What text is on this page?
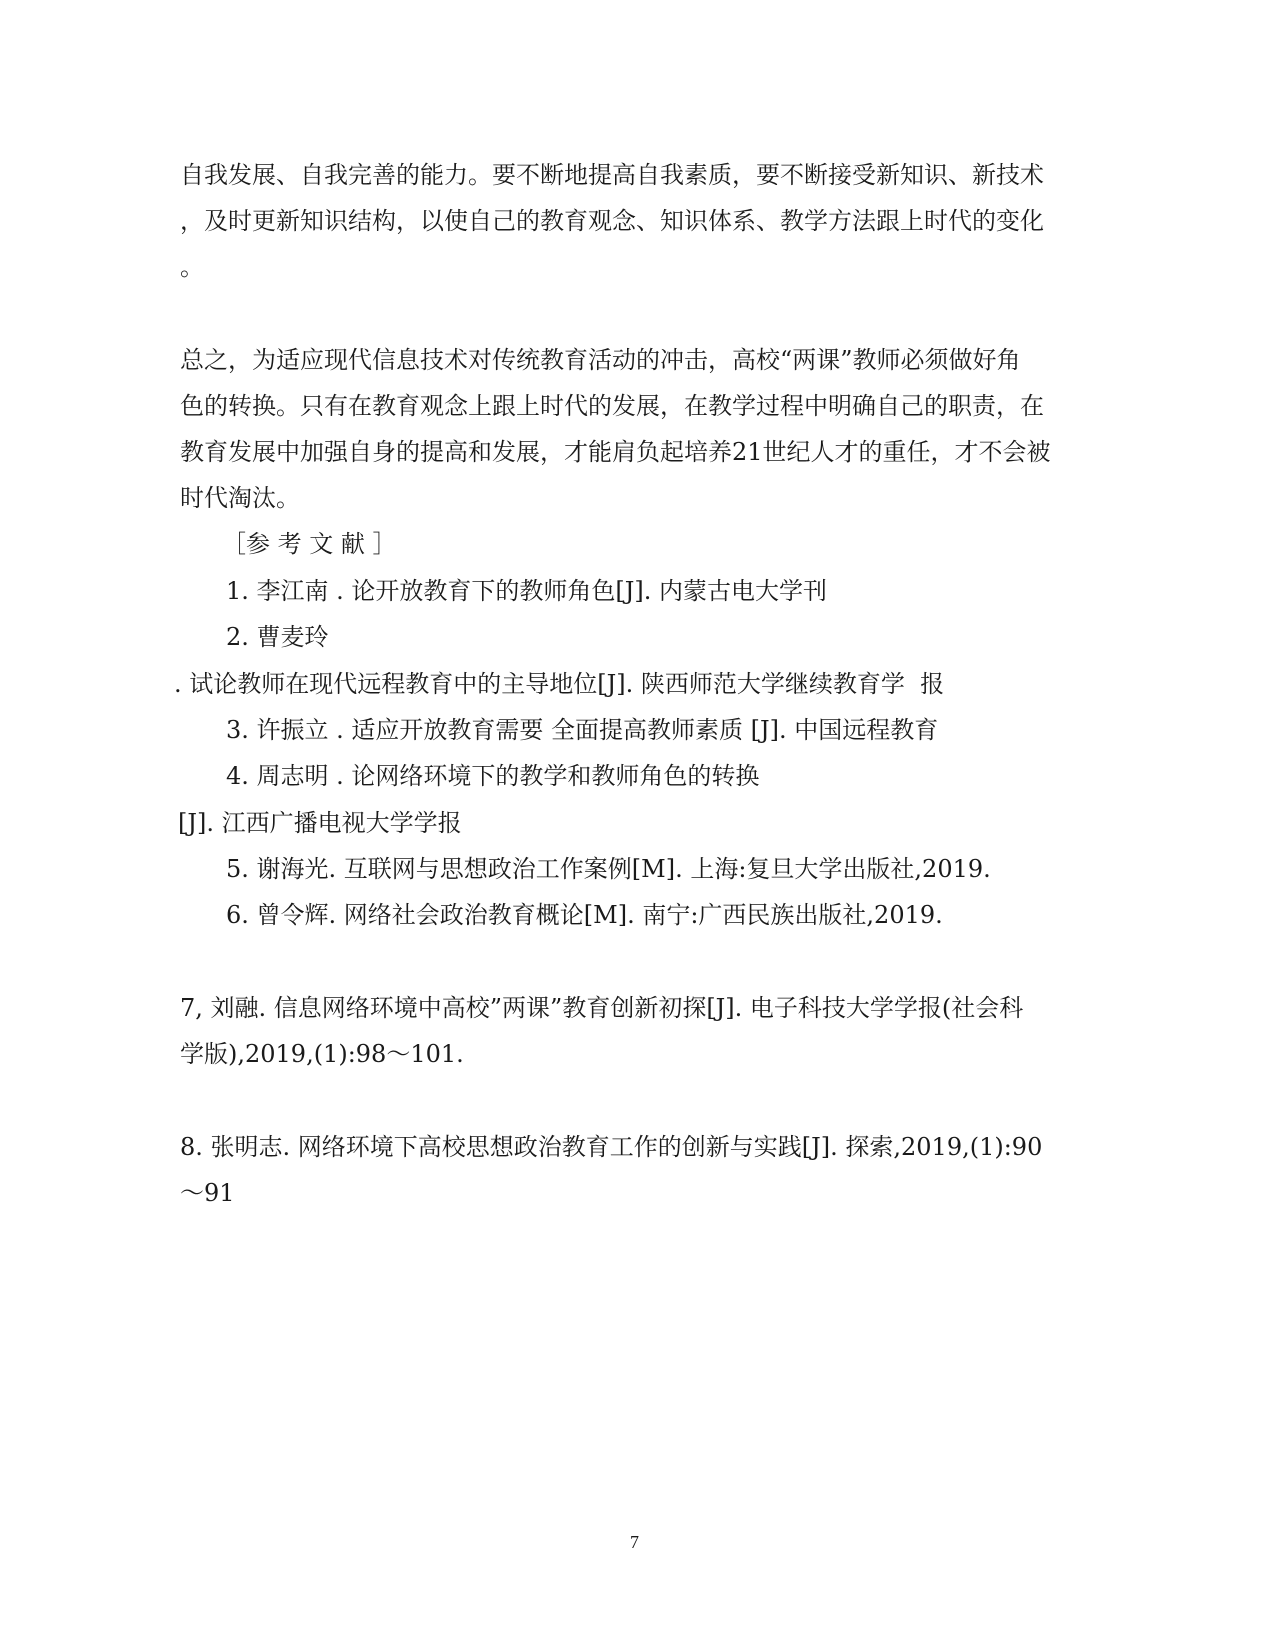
自我发展、自我完善的能力。要不断地提高自我素质，要不断接受新知识、新技术

，及时更新知识结构，以使自己的教育观念、知识体系、教学方法跟上时代的变化

。

总之，为适应现代信息技术对传统教育活动的冲击，高校“两课”教师必须做好角

色的转换。只有在教育观念上跟上时代的发展，在教学过程中明确自己的职责，在

教育发展中加强自身的提高和发展，才能肩负起培养21世纪人才的重任，才不会被

时代淘汰。

［参 考 文 献 ］

1. 李江南 . 论开放教育下的教师角色[J]. 内蒙古电大学刊

2. 曹麦玲

. 试论教师在现代远程教育中的主导地位[J]. 陕西师范大学继续教育学  报

3. 许振立 . 适应开放教育需要 全面提高教师素质 [J]. 中国远程教育

4. 周志明 . 论网络环境下的教学和教师角色的转换

[J]. 江西广播电视大学学报

5. 谢海光. 互联网与思想政治工作案例[M]. 上海:复旦大学出版社,2019.

6. 曾令辉. 网络社会政治教育概论[M]. 南宁:广西民族出版社,2019.

7, 刘融. 信息网络环境中高校”两课”教育创新初探[J]. 电子科技大学学报(社会科

学版),2019,(1):98～101.

8. 张明志. 网络环境下高校思想政治教育工作的创新与实践[J]. 探索,2019,(1):90

～91

7
